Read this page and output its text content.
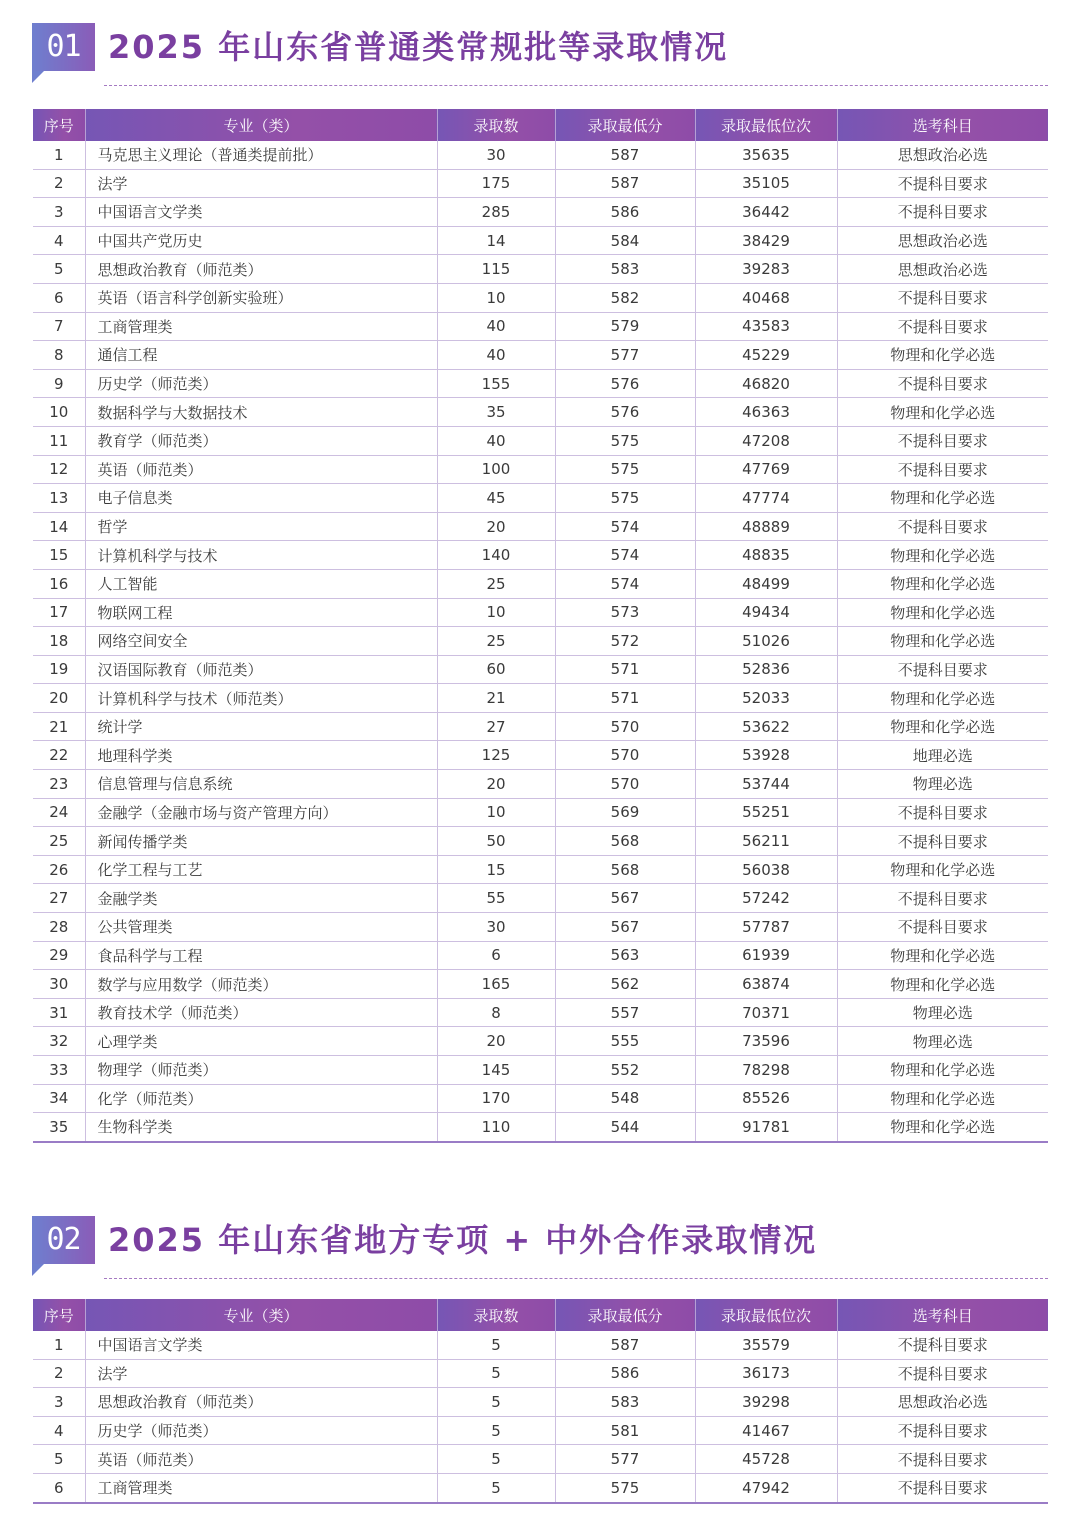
01 2025 年山东省普通类常规批等录取情况
序号	专业（类）	录取数	录取最低分	录取最低位次	选考科目
1	马克思主义理论（普通类提前批）	30	587	35635	思想政治必选
2	法学	175	587	35105	不提科目要求
3	中国语言文学类	285	586	36442	不提科目要求
4	中国共产党历史	14	584	38429	思想政治必选
5	思想政治教育（师范类）	115	583	39283	思想政治必选
6	英语（语言科学创新实验班）	10	582	40468	不提科目要求
7	工商管理类	40	579	43583	不提科目要求
8	通信工程	40	577	45229	物理和化学必选
9	历史学（师范类）	155	576	46820	不提科目要求
10	数据科学与大数据技术	35	576	46363	物理和化学必选
11	教育学（师范类）	40	575	47208	不提科目要求
12	英语（师范类）	100	575	47769	不提科目要求
13	电子信息类	45	575	47774	物理和化学必选
14	哲学	20	574	48889	不提科目要求
15	计算机科学与技术	140	574	48835	物理和化学必选
16	人工智能	25	574	48499	物理和化学必选
17	物联网工程	10	573	49434	物理和化学必选
18	网络空间安全	25	572	51026	物理和化学必选
19	汉语国际教育（师范类）	60	571	52836	不提科目要求
20	计算机科学与技术（师范类）	21	571	52033	物理和化学必选
21	统计学	27	570	53622	物理和化学必选
22	地理科学类	125	570	53928	地理必选
23	信息管理与信息系统	20	570	53744	物理必选
24	金融学（金融市场与资产管理方向）	10	569	55251	不提科目要求
25	新闻传播学类	50	568	56211	不提科目要求
26	化学工程与工艺	15	568	56038	物理和化学必选
27	金融学类	55	567	57242	不提科目要求
28	公共管理类	30	567	57787	不提科目要求
29	食品科学与工程	6	563	61939	物理和化学必选
30	数学与应用数学（师范类）	165	562	63874	物理和化学必选
31	教育技术学（师范类）	8	557	70371	物理必选
32	心理学类	20	555	73596	物理必选
33	物理学（师范类）	145	552	78298	物理和化学必选
34	化学（师范类）	170	548	85526	物理和化学必选
35	生物科学类	110	544	91781	物理和化学必选
02 2025 年山东省地方专项 + 中外合作录取情况
序号	专业（类）	录取数	录取最低分	录取最低位次	选考科目
1	中国语言文学类	5	587	35579	不提科目要求
2	法学	5	586	36173	不提科目要求
3	思想政治教育（师范类）	5	583	39298	思想政治必选
4	历史学（师范类）	5	581	41467	不提科目要求
5	英语（师范类）	5	577	45728	不提科目要求
6	工商管理类	5	575	47942	不提科目要求
